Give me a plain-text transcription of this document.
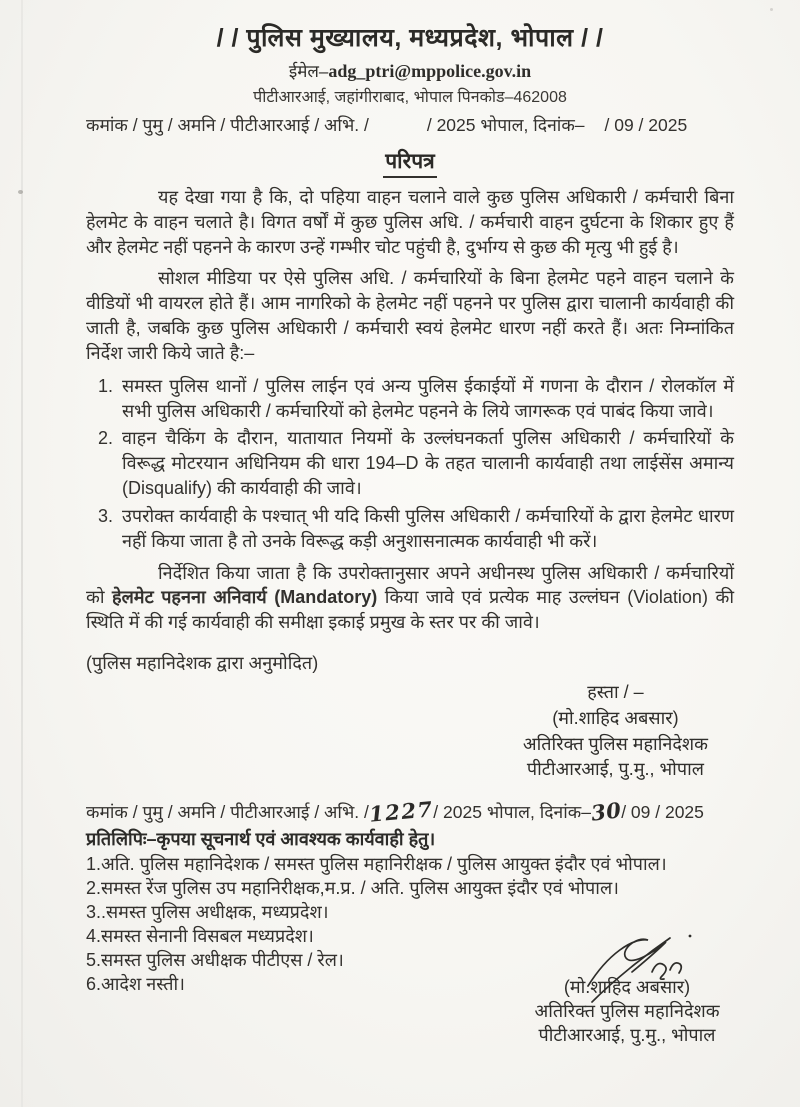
/ / पुलिस मुख्यालय, मध्यप्रदेश, भोपाल / /
ईमेल–adg_ptri@mppolice.gov.in
पीटीआरआई, जहांगीराबाद, भोपाल पिनकोड–462008
कमांक / पुमु / अमनि / पीटीआरआई / अभि. /	/ 2025 भोपाल, दिनांक– / 09 / 2025
परिपत्र

यह देखा गया है कि, दो पहिया वाहन चलाने वाले कुछ पुलिस अधिकारी / कर्मचारी बिना हेलमेट के वाहन चलाते है। विगत वर्षों में कुछ पुलिस अधि. / कर्मचारी वाहन दुर्घटना के शिकार हुए हैं और हेलमेट नहीं पहनने के कारण उन्हें गम्भीर चोट पहुंची है, दुर्भाग्य से कुछ की मृत्यु भी हुई है।

सोशल मीडिया पर ऐसे पुलिस अधि. / कर्मचारियों के बिना हेलमेट पहने वाहन चलाने के वीडियों भी वायरल होते हैं। आम नागरिको के हेलमेट नहीं पहनने पर पुलिस द्वारा चालानी कार्यवाही की जाती है, जबकि कुछ पुलिस अधिकारी / कर्मचारी स्वयं हेलमेट धारण नहीं करते हैं। अतः निम्नांकित निर्देश जारी किये जाते है:–

1. समस्त पुलिस थानों / पुलिस लाईन एवं अन्य पुलिस ईकाईयों में गणना के दौरान / रोलकॉल में सभी पुलिस अधिकारी / कर्मचारियों को हेलमेट पहनने के लिये जागरूक एवं पाबंद किया जावे।
2. वाहन चैकिंग के दौरान, यातायात नियमों के उल्लंघनकर्ता पुलिस अधिकारी / कर्मचारियों के विरूद्ध मोटरयान अधिनियम की धारा 194–D के तहत चालानी कार्यवाही तथा लाईसेंस अमान्य (Disqualify) की कार्यवाही की जावे।
3. उपरोक्त कार्यवाही के पश्चात् भी यदि किसी पुलिस अधिकारी / कर्मचारियों के द्वारा हेलमेट धारण नहीं किया जाता है तो उनके विरूद्ध कड़ी अनुशासनात्मक कार्यवाही भी करें।

निर्देशित किया जाता है कि उपरोक्तानुसार अपने अधीनस्थ पुलिस अधिकारी / कर्मचारियों को हेलमेट पहनना अनिवार्य (Mandatory) किया जावे एवं प्रत्येक माह उल्लंघन (Violation) की स्थिति में की गई कार्यवाही की समीक्षा इकाई प्रमुख के स्तर पर की जावे।

(पुलिस महानिदेशक द्वारा अनुमोदित)
हस्ता / –
(मो.शाहिद अबसार)
अतिरिक्त पुलिस महानिदेशक
पीटीआरआई, पु.मु., भोपाल
कमांक / पुमु / अमनि / पीटीआरआई / अभि. /1227/ 2025 भोपाल, दिनांक–30/ 09 / 2025
प्रतिलिपिः–कृपया सूचनार्थ एवं आवश्यक कार्यवाही हेतु।
1.अति. पुलिस महानिदेशक / समस्त पुलिस महानिरीक्षक / पुलिस आयुक्त इंदौर एवं भोपाल।
2.समस्त रेंज पुलिस उप महानिरीक्षक,म.प्र. / अति. पुलिस आयुक्त इंदौर एवं भोपाल।
3..समस्त पुलिस अधीक्षक, मध्यप्रदेश।
4.समस्त सेनानी विसबल मध्यप्रदेश।
5.समस्त पुलिस अधीक्षक पीटीएस / रेल।
6.आदेश नस्ती।	(मो.शाहिद अबसार)
अतिरिक्त पुलिस महानिदेशक
पीटीआरआई, पु.मु., भोपाल
